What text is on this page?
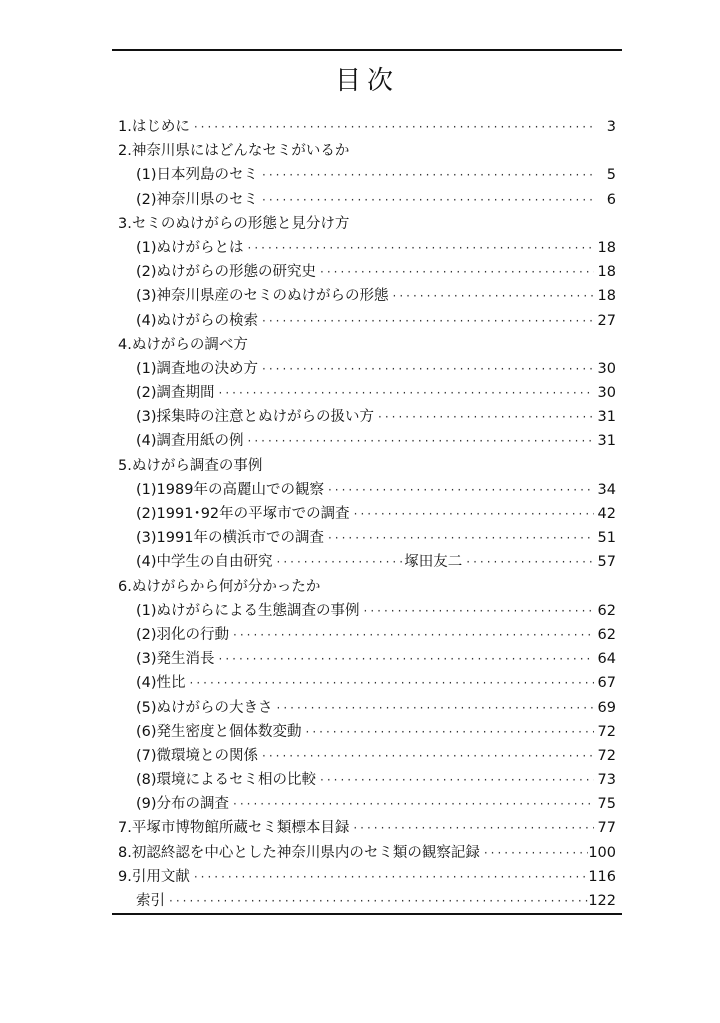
目次
1.はじめに ·····	3
2.神奈川県にはどんなセミがいるか
(1)日本列島のセミ ·····	5
(2)神奈川県のセミ ·····	6
3.セミのぬけがらの形態と見分け方
(1)ぬけがらとは ·····	18
(2)ぬけがらの形態の研究史 ·····	18
(3)神奈川県産のセミのぬけがらの形態 ·····	18
(4)ぬけがらの検索 ·····	27
4.ぬけがらの調べ方
(1)調査地の決め方 ·····	30
(2)調査期間 ·····	30
(3)採集時の注意とぬけがらの扱い方 ·····	31
(4)調査用紙の例 ·····	31
5.ぬけがら調査の事例
(1)1989年の高麗山での観察 ·····	34
(2)1991･92年の平塚市での調査 ·····	42
(3)1991年の横浜市での調査 ·····	51
(4)中学生の自由研究 ·····	塚田友二 ·····	57
6.ぬけがらから何が分かったか
(1)ぬけがらによる生態調査の事例 ·····	62
(2)羽化の行動 ·····	62
(3)発生消長 ·····	64
(4)性比 ·····	67
(5)ぬけがらの大きさ ·····	69
(6)発生密度と個体数変動 ·····	72
(7)微環境との関係 ·····	72
(8)環境によるセミ相の比較 ·····	73
(9)分布の調査 ·····	75
7.平塚市博物館所蔵セミ類標本目録 ·····	77
8.初認終認を中心とした神奈川県内のセミ類の観察記録 ·····	100
9.引用文献 ·····	116
索引 ·····	122
